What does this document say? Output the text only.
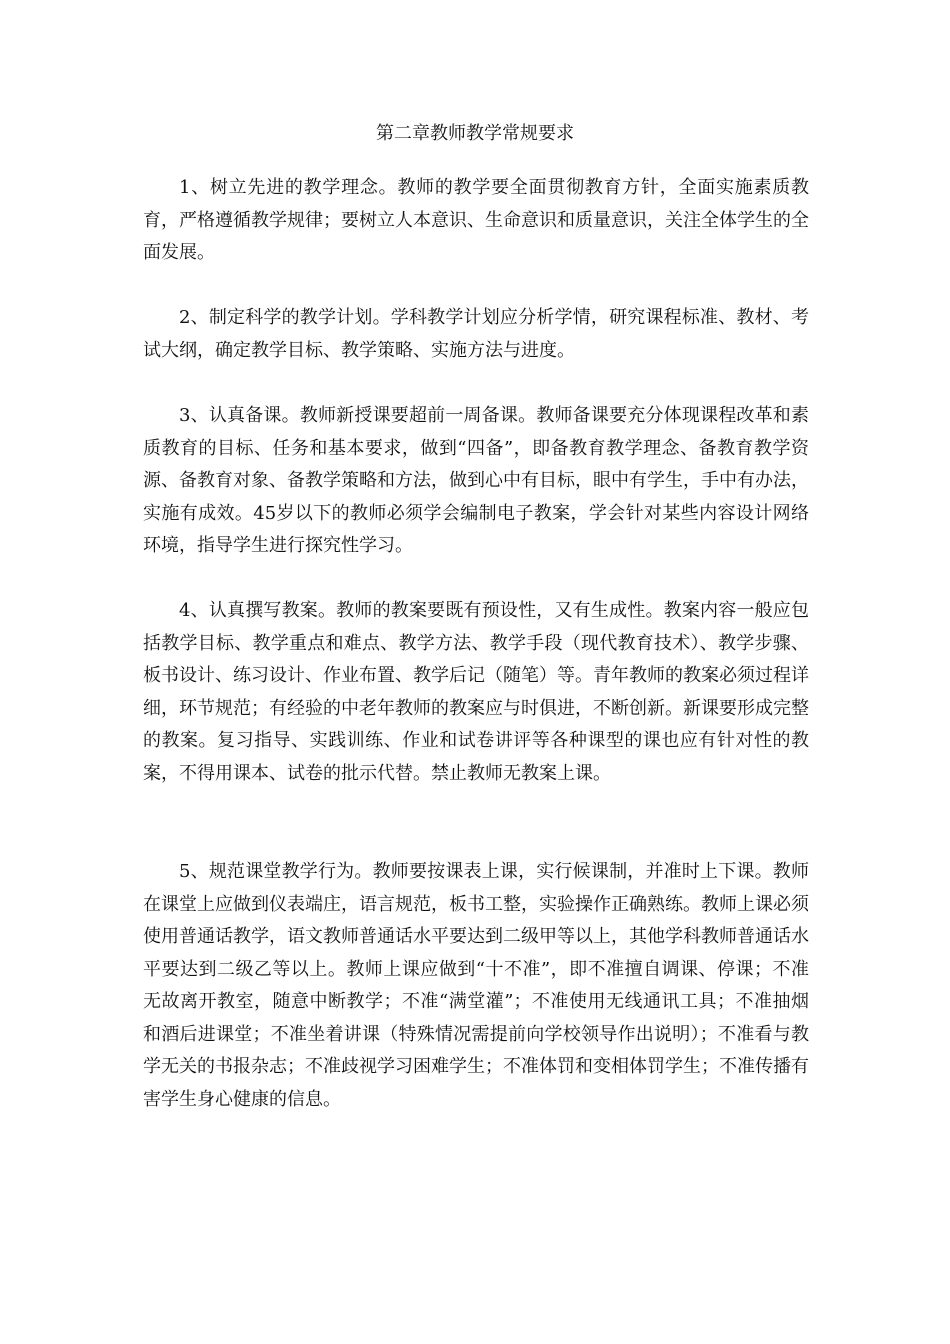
第二章教师教学常规要求

1、树立先进的教学理念。教师的教学要全面贯彻教育方针，全面实施素质教育，严格遵循教学规律；要树立人本意识、生命意识和质量意识，关注全体学生的全面发展。

2、制定科学的教学计划。学科教学计划应分析学情，研究课程标准、教材、考试大纲，确定教学目标、教学策略、实施方法与进度。

3、认真备课。教师新授课要超前一周备课。教师备课要充分体现课程改革和素质教育的目标、任务和基本要求，做到“四备”，即备教育教学理念、备教育教学资源、备教育对象、备教学策略和方法，做到心中有目标，眼中有学生，手中有办法，实施有成效。45岁以下的教师必须学会编制电子教案，学会针对某些内容设计网络环境，指导学生进行探究性学习。

4、认真撰写教案。教师的教案要既有预设性，又有生成性。教案内容一般应包括教学目标、教学重点和难点、教学方法、教学手段（现代教育技术）、教学步骤、板书设计、练习设计、作业布置、教学后记（随笔）等。青年教师的教案必须过程详细，环节规范；有经验的中老年教师的教案应与时俱进，不断创新。新课要形成完整的教案。复习指导、实践训练、作业和试卷讲评等各种课型的课也应有针对性的教案，不得用课本、试卷的批示代替。禁止教师无教案上课。

5、规范课堂教学行为。教师要按课表上课，实行候课制，并准时上下课。教师在课堂上应做到仪表端庄，语言规范，板书工整，实验操作正确熟练。教师上课必须使用普通话教学，语文教师普通话水平要达到二级甲等以上，其他学科教师普通话水平要达到二级乙等以上。教师上课应做到“十不准”，即不准擅自调课、停课；不准无故离开教室，随意中断教学；不准“满堂灌”；不准使用无线通讯工具；不准抽烟和酒后进课堂；不准坐着讲课（特殊情况需提前向学校领导作出说明）；不准看与教学无关的书报杂志；不准歧视学习困难学生；不准体罚和变相体罚学生；不准传播有害学生身心健康的信息。
